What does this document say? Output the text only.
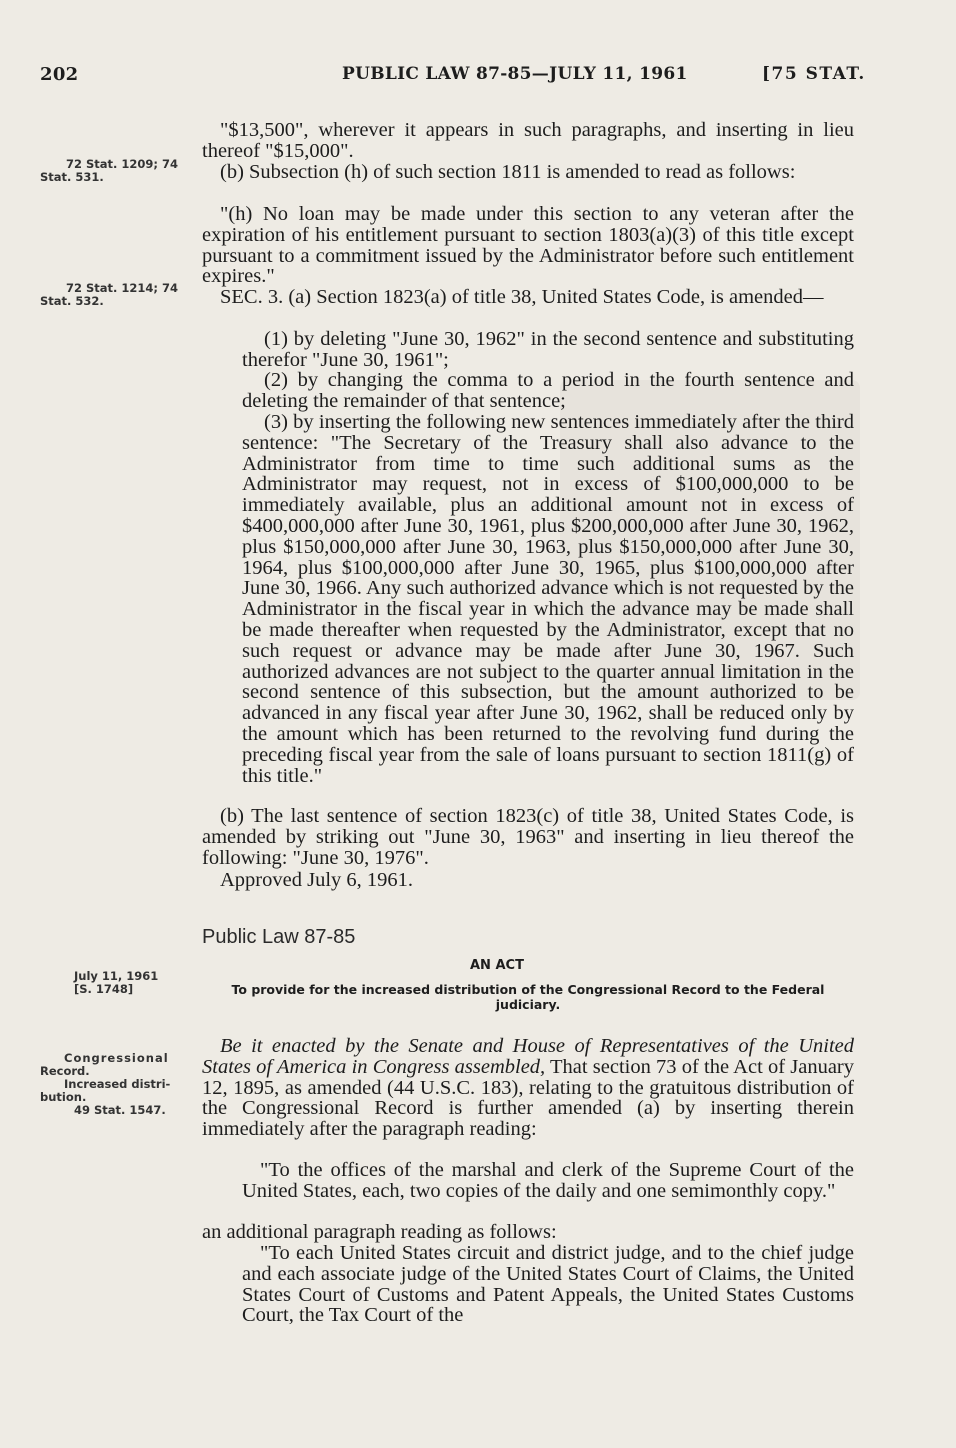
202	PUBLIC LAW 87-85—JULY 11, 1961	[75 STAT.
72 Stat. 1209; 74
Stat. 531.
72 Stat. 1214; 74
Stat. 532.
July 11, 1961
[S. 1748]
Congressional
Record.
Increased distri-
bution.
49 Stat. 1547.
"$13,500", wherever it appears in such paragraphs, and inserting in lieu thereof "$15,000".
(b) Subsection (h) of such section 1811 is amended to read as follows:
"(h) No loan may be made under this section to any veteran after the expiration of his entitlement pursuant to section 1803(a)(3) of this title except pursuant to a commitment issued by the Administrator before such entitlement expires."
SEC. 3. (a) Section 1823(a) of title 38, United States Code, is amended—
(1) by deleting "June 30, 1962" in the second sentence and substituting therefor "June 30, 1961";
(2) by changing the comma to a period in the fourth sentence and deleting the remainder of that sentence;
(3) by inserting the following new sentences immediately after the third sentence: "The Secretary of the Treasury shall also advance to the Administrator from time to time such additional sums as the Administrator may request, not in excess of $100,000,000 to be immediately available, plus an additional amount not in excess of $400,000,000 after June 30, 1961, plus $200,000,000 after June 30, 1962, plus $150,000,000 after June 30, 1963, plus $150,000,000 after June 30, 1964, plus $100,000,000 after June 30, 1965, plus $100,000,000 after June 30, 1966. Any such authorized advance which is not requested by the Administrator in the fiscal year in which the advance may be made shall be made thereafter when requested by the Administrator, except that no such request or advance may be made after June 30, 1967. Such authorized advances are not subject to the quarter annual limitation in the second sentence of this subsection, but the amount authorized to be advanced in any fiscal year after June 30, 1962, shall be reduced only by the amount which has been returned to the revolving fund during the preceding fiscal year from the sale of loans pursuant to section 1811(g) of this title."
(b) The last sentence of section 1823(c) of title 38, United States Code, is amended by striking out "June 30, 1963" and inserting in lieu thereof the following: "June 30, 1976".
Approved July 6, 1961.
Public Law 87-85
AN ACT
To provide for the increased distribution of the Congressional Record to the Federal judiciary.
Be it enacted by the Senate and House of Representatives of the United States of America in Congress assembled, That section 73 of the Act of January 12, 1895, as amended (44 U.S.C. 183), relating to the gratuitous distribution of the Congressional Record is further amended (a) by inserting therein immediately after the paragraph reading:
"To the offices of the marshal and clerk of the Supreme Court of the United States, each, two copies of the daily and one semimonthly copy."
an additional paragraph reading as follows:
"To each United States circuit and district judge, and to the chief judge and each associate judge of the United States Court of Claims, the United States Court of Customs and Patent Appeals, the United States Customs Court, the Tax Court of the
